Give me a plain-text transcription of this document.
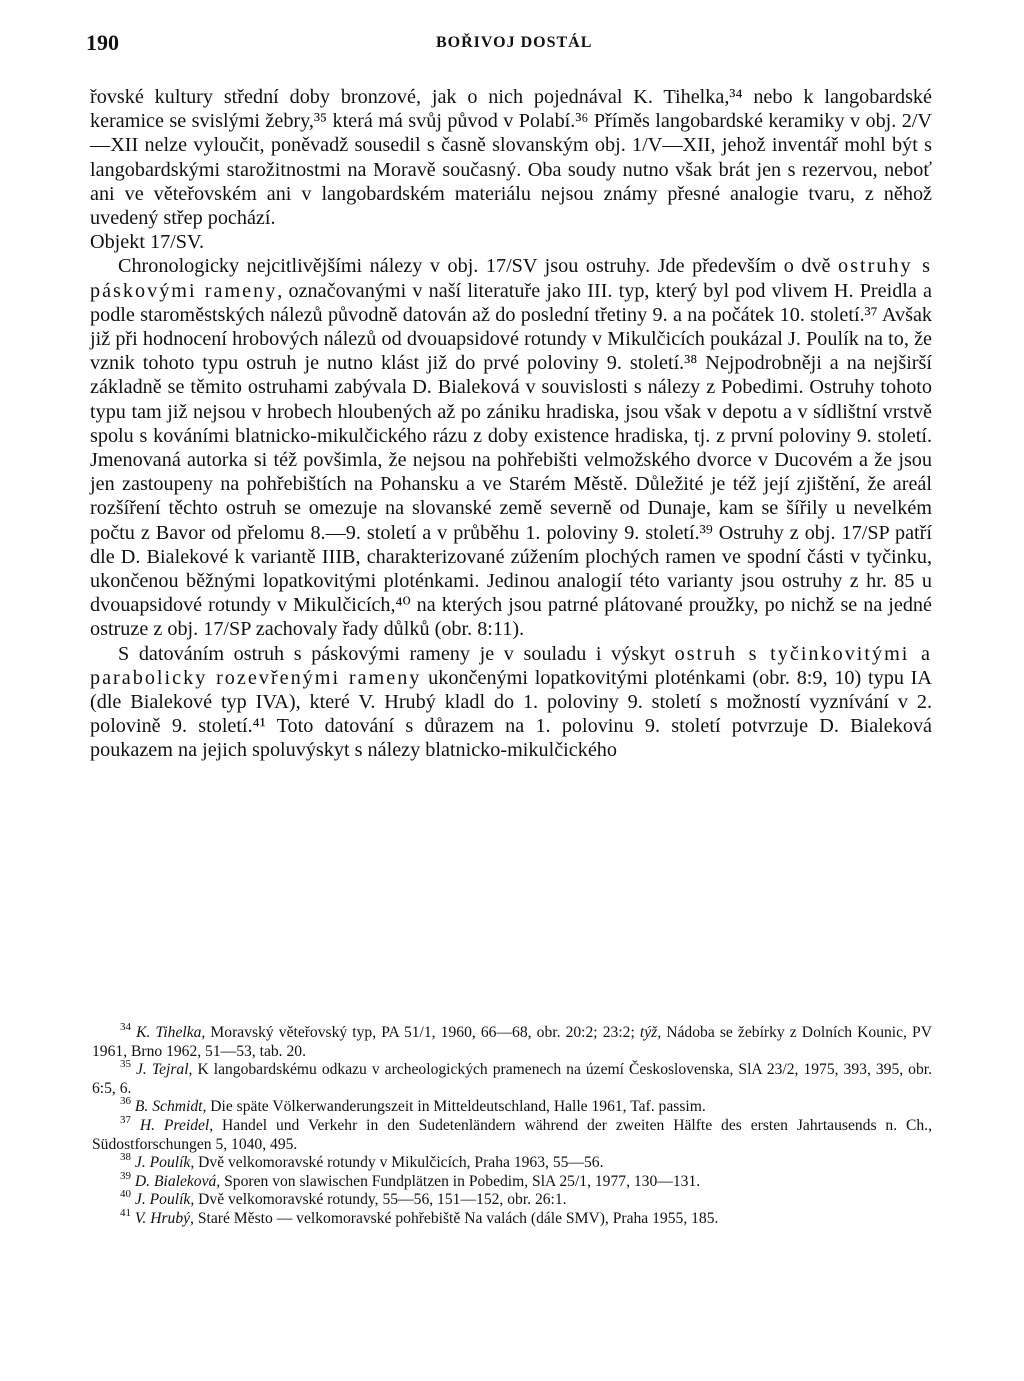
190	BOŘIVOJ DOSTÁL

řovské kultury střední doby bronzové, jak o nich pojednával K. Tihelka,³⁴ nebo k langobardské keramice se svislými žebry,³⁵ která má svůj původ v Polabí.³⁶ Příměs langobardské keramiky v obj. 2/V—XII nelze vyloučit, poněvadž sousedil s časně slovanským obj. 1/V—XII, jehož inventář mohl být s langobardskými starožitnostmi na Moravě současný. Oba soudy nutno však brát jen s rezervou, neboť ani ve věteřovském ani v langobardském materiálu nejsou známy přesné analogie tvaru, z něhož uvedený střep pochází.

Objekt 17/SV.

Chronologicky nejcitlivějšími nálezy v obj. 17/SV jsou ostruhy. Jde především o dvě ostruhy s páskovými rameny, označovanými v naší literatuře jako III. typ, který byl pod vlivem H. Preidla a podle staroměstských nálezů původně datován až do poslední třetiny 9. a na počátek 10. století.³⁷ Avšak již při hodnocení hrobových nálezů od dvouapsidové rotundy v Mikulčicích poukázal J. Poulík na to, že vznik tohoto typu ostruh je nutno klást již do prvé poloviny 9. století.³⁸ Nejpodrobněji a na nejširší základně se těmito ostruhami zabývala D. Bialeková v souvislosti s nálezy z Pobedimi. Ostruhy tohoto typu tam již nejsou v hrobech hloubených až po zániku hradiska, jsou však v depotu a v sídlištní vrstvě spolu s kováními blatnicko-mikulčického rázu z doby existence hradiska, tj. z první poloviny 9. století. Jmenovaná autorka si též povšimla, že nejsou na pohřebišti velmožského dvorce v Ducovém a že jsou jen zastoupeny na pohřebištích na Pohansku a ve Starém Městě. Důležité je též její zjištění, že areál rozšíření těchto ostruh se omezuje na slovanské země severně od Dunaje, kam se šířily u nevelkém počtu z Bavor od přelomu 8.—9. století a v průběhu 1. poloviny 9. století.³⁹ Ostruhy z obj. 17/SP patří dle D. Bialekové k variantě IIIB, charakterizované zúžením plochých ramen ve spodní části v tyčinku, ukončenou běžnými lopatkovitými ploténkami. Jedinou analogií této varianty jsou ostruhy z hr. 85 u dvouapsidové rotundy v Mikulčicích,⁴⁰ na kterých jsou patrné plátované proužky, po nichž se na jedné ostruze z obj. 17/SP zachovaly řady důlků (obr. 8:11).

S datováním ostruh s páskovými rameny je v souladu i výskyt ostruh s tyčinkovitými a parabolicky rozevřenými rameny ukončenými lopatkovitými ploténkami (obr. 8:9, 10) typu IA (dle Bialekové typ IVA), které V. Hrubý kladl do 1. poloviny 9. století s možností vyznívání v 2. polovině 9. století.⁴¹ Toto datování s důrazem na 1. polovinu 9. století potvrzuje D. Bialeková poukazem na jejich spoluvýskyt s nálezy blatnicko-mikulčického

$^{34}$ K. Tihelka, Moravský věteřovský typ, PA 51/1, 1960, 66—68, obr. 20:2; 23:2; týž, Nádoba se žebírky z Dolních Kounic, PV 1961, Brno 1962, 51—53, tab. 20.

$^{35}$ J. Tejral, K langobardskému odkazu v archeologických pramenech na území Československa, SlA 23/2, 1975, 393, 395, obr. 6:5, 6.

$^{36}$ B. Schmidt, Die späte Völkerwanderungszeit in Mitteldeutschland, Halle 1961, Taf. passim.

$^{37}$ H. Preidel, Handel und Verkehr in den Sudetenländern während der zweiten Hälfte des ersten Jahrtausends n. Ch., Südostforschungen 5, 1040, 495.

$^{38}$ J. Poulík, Dvě velkomoravské rotundy v Mikulčicích, Praha 1963, 55—56.

$^{39}$ D. Bialeková, Sporen von slawischen Fundplätzen in Pobedim, SlA 25/1, 1977, 130—131.

$^{40}$ J. Poulík, Dvě velkomoravské rotundy, 55—56, 151—152, obr. 26:1.

$^{41}$ V. Hrubý, Staré Město — velkomoravské pohřebiště Na valách (dále SMV), Praha 1955, 185.
